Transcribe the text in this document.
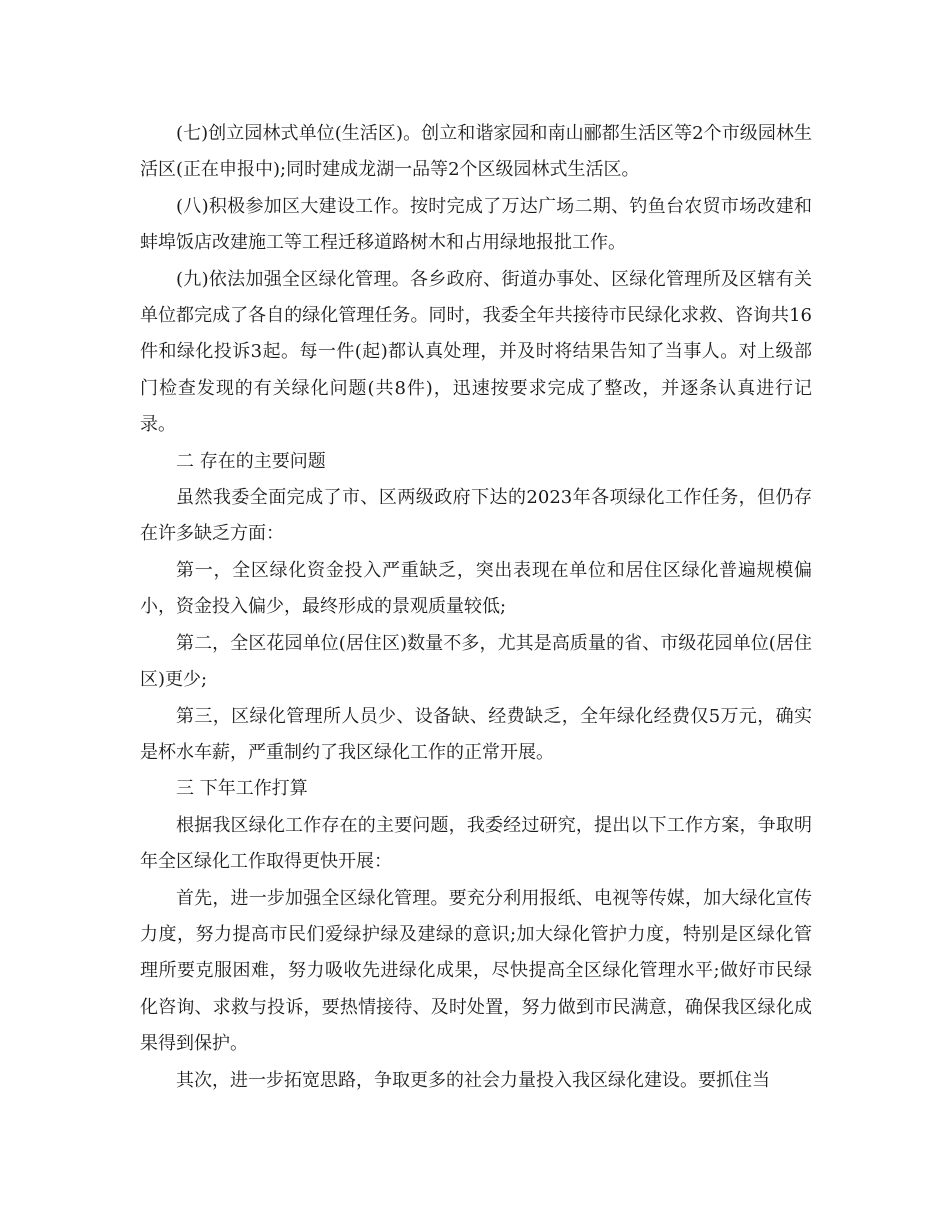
(七)创立园林式单位(生活区)。创立和谐家园和南山郦都生活区等2个市级园林生活区(正在申报中);同时建成龙湖一品等2个区级园林式生活区。

(八)积极参加区大建设工作。按时完成了万达广场二期、钓鱼台农贸市场改建和蚌埠饭店改建施工等工程迁移道路树木和占用绿地报批工作。

(九)依法加强全区绿化管理。各乡政府、街道办事处、区绿化管理所及区辖有关单位都完成了各自的绿化管理任务。同时，我委全年共接待市民绿化求救、咨询共16件和绿化投诉3起。每一件(起)都认真处理，并及时将结果告知了当事人。对上级部门检查发现的有关绿化问题(共8件)，迅速按要求完成了整改，并逐条认真进行记录。

二 存在的主要问题

虽然我委全面完成了市、区两级政府下达的2023年各项绿化工作任务，但仍存在许多缺乏方面：

第一，全区绿化资金投入严重缺乏，突出表现在单位和居住区绿化普遍规模偏小，资金投入偏少，最终形成的景观质量较低;

第二，全区花园单位(居住区)数量不多，尤其是高质量的省、市级花园单位(居住区)更少;

第三，区绿化管理所人员少、设备缺、经费缺乏，全年绿化经费仅5万元，确实是杯水车薪，严重制约了我区绿化工作的正常开展。

三 下年工作打算

根据我区绿化工作存在的主要问题，我委经过研究，提出以下工作方案，争取明年全区绿化工作取得更快开展：

首先，进一步加强全区绿化管理。要充分利用报纸、电视等传媒，加大绿化宣传力度，努力提高市民们爱绿护绿及建绿的意识;加大绿化管护力度，特别是区绿化管理所要克服困难，努力吸收先进绿化成果，尽快提高全区绿化管理水平;做好市民绿化咨询、求救与投诉，要热情接待、及时处置，努力做到市民满意，确保我区绿化成果得到保护。

其次，进一步拓宽思路，争取更多的社会力量投入我区绿化建设。要抓住当
